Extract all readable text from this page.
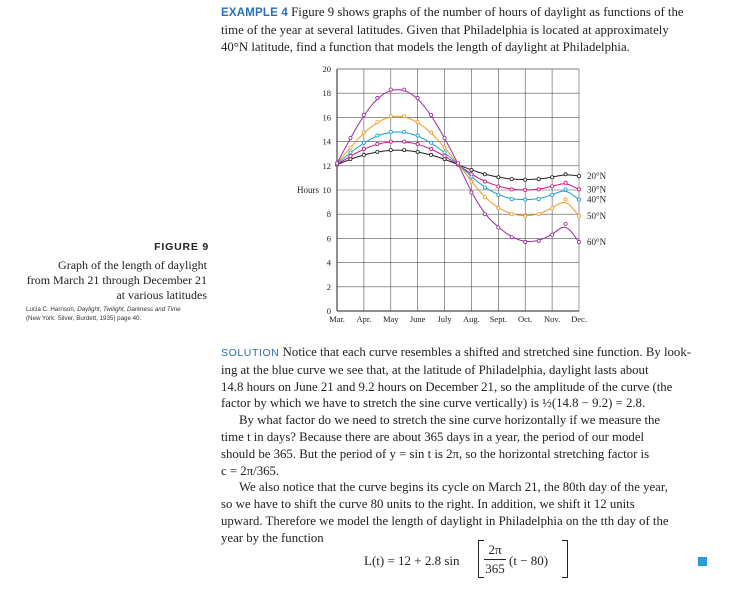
EXAMPLE 4 Figure 9 shows graphs of the number of hours of daylight as functions of the
time of the year at several latitudes. Given that Philadelphia is located at approximately
40°N latitude, find a function that models the length of daylight at Philadelphia.
FIGURE 9
Graph of the length of daylight
from March 21 through December 21
at various latitudes
Lucia C. Harrison, Daylight, Twilight, Darkness and Time
(New York: Silver, Burdett, 1935) page 40.
0
2
4
6
8
10
12
14
16
18
20
Mar. Apr. May June July Aug. Sept. Oct. Nov. Dec.
Hours
20°N
30°N
40°N
50°N
60°N
SOLUTION Notice that each curve resembles a shifted and stretched sine function. By look-
ing at the blue curve we see that, at the latitude of Philadelphia, daylight lasts about
14.8 hours on June 21 and 9.2 hours on December 21, so the amplitude of the curve (the
factor by which we have to stretch the sine curve vertically) is ½(14.8 − 9.2) = 2.8.
By what factor do we need to stretch the sine curve horizontally if we measure the
time t in days? Because there are about 365 days in a year, the period of our model
should be 365. But the period of y = sin t is 2π, so the horizontal stretching factor is
c = 2π/365.
We also notice that the curve begins its cycle on March 21, the 80th day of the year,
so we have to shift the curve 80 units to the right. In addition, we shift it 12 units
upward. Therefore we model the length of daylight in Philadelphia on the tth day of the
year by the function
L(t) = 12 + 2.8 sin
2π
365
(t − 80)
